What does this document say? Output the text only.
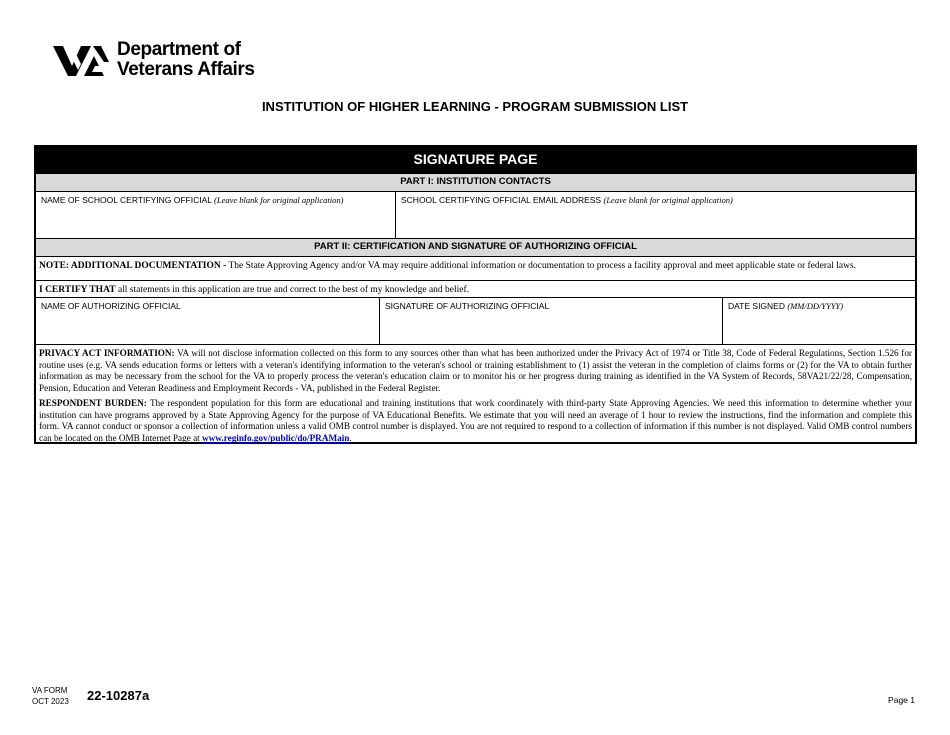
Department of
Veterans Affairs
INSTITUTION OF HIGHER LEARNING - PROGRAM SUBMISSION LIST
SIGNATURE PAGE
PART I: INSTITUTION CONTACTS
NAME OF SCHOOL CERTIFYING OFFICIAL (Leave blank for original application)	SCHOOL CERTIFYING OFFICIAL EMAIL ADDRESS (Leave blank for original application)
PART II: CERTIFICATION AND SIGNATURE OF AUTHORIZING OFFICIAL
NOTE: ADDITIONAL DOCUMENTATION - The State Approving Agency and/or VA may require additional information or documentation to process a facility approval and meet applicable state or federal laws.
I CERTIFY THAT all statements in this application are true and correct to the best of my knowledge and belief.
NAME OF AUTHORIZING OFFICIAL	SIGNATURE OF AUTHORIZING OFFICIAL	DATE SIGNED (MM/DD/YYYY)

PRIVACY ACT INFORMATION: VA will not disclose information collected on this form to any sources other than what has been authorized under the Privacy Act of 1974 or Title 38, Code of Federal Regulations, Section 1.526 for routine uses (e.g. VA sends education forms or letters with a veteran's identifying information to the veteran's school or training establishment to (1) assist the veteran in the completion of claims forms or (2) for the VA to obtain further information as may be necessary from the school for the VA to properly process the veteran's education claim or to monitor his or her progress during training as identified in the VA System of Records, 58VA21/22/28, Compensation, Pension, Education and Veteran Readiness and Employment Records - VA, published in the Federal Register.

RESPONDENT BURDEN: The respondent population for this form are educational and training institutions that work coordinately with third-party State Approving Agencies. We need this information to determine whether your institution can have programs approved by a State Approving Agency for the purpose of VA Educational Benefits. We estimate that you will need an average of 1 hour to review the instructions, find the information and complete this form. VA cannot conduct or sponsor a collection of information unless a valid OMB control number is displayed. You are not required to respond to a collection of information if this number is not displayed. Valid OMB control numbers can be located on the OMB Internet Page at www.reginfo.gov/public/do/PRAMain.

VA FORM
OCT 2023 22-10287a	Page 1
